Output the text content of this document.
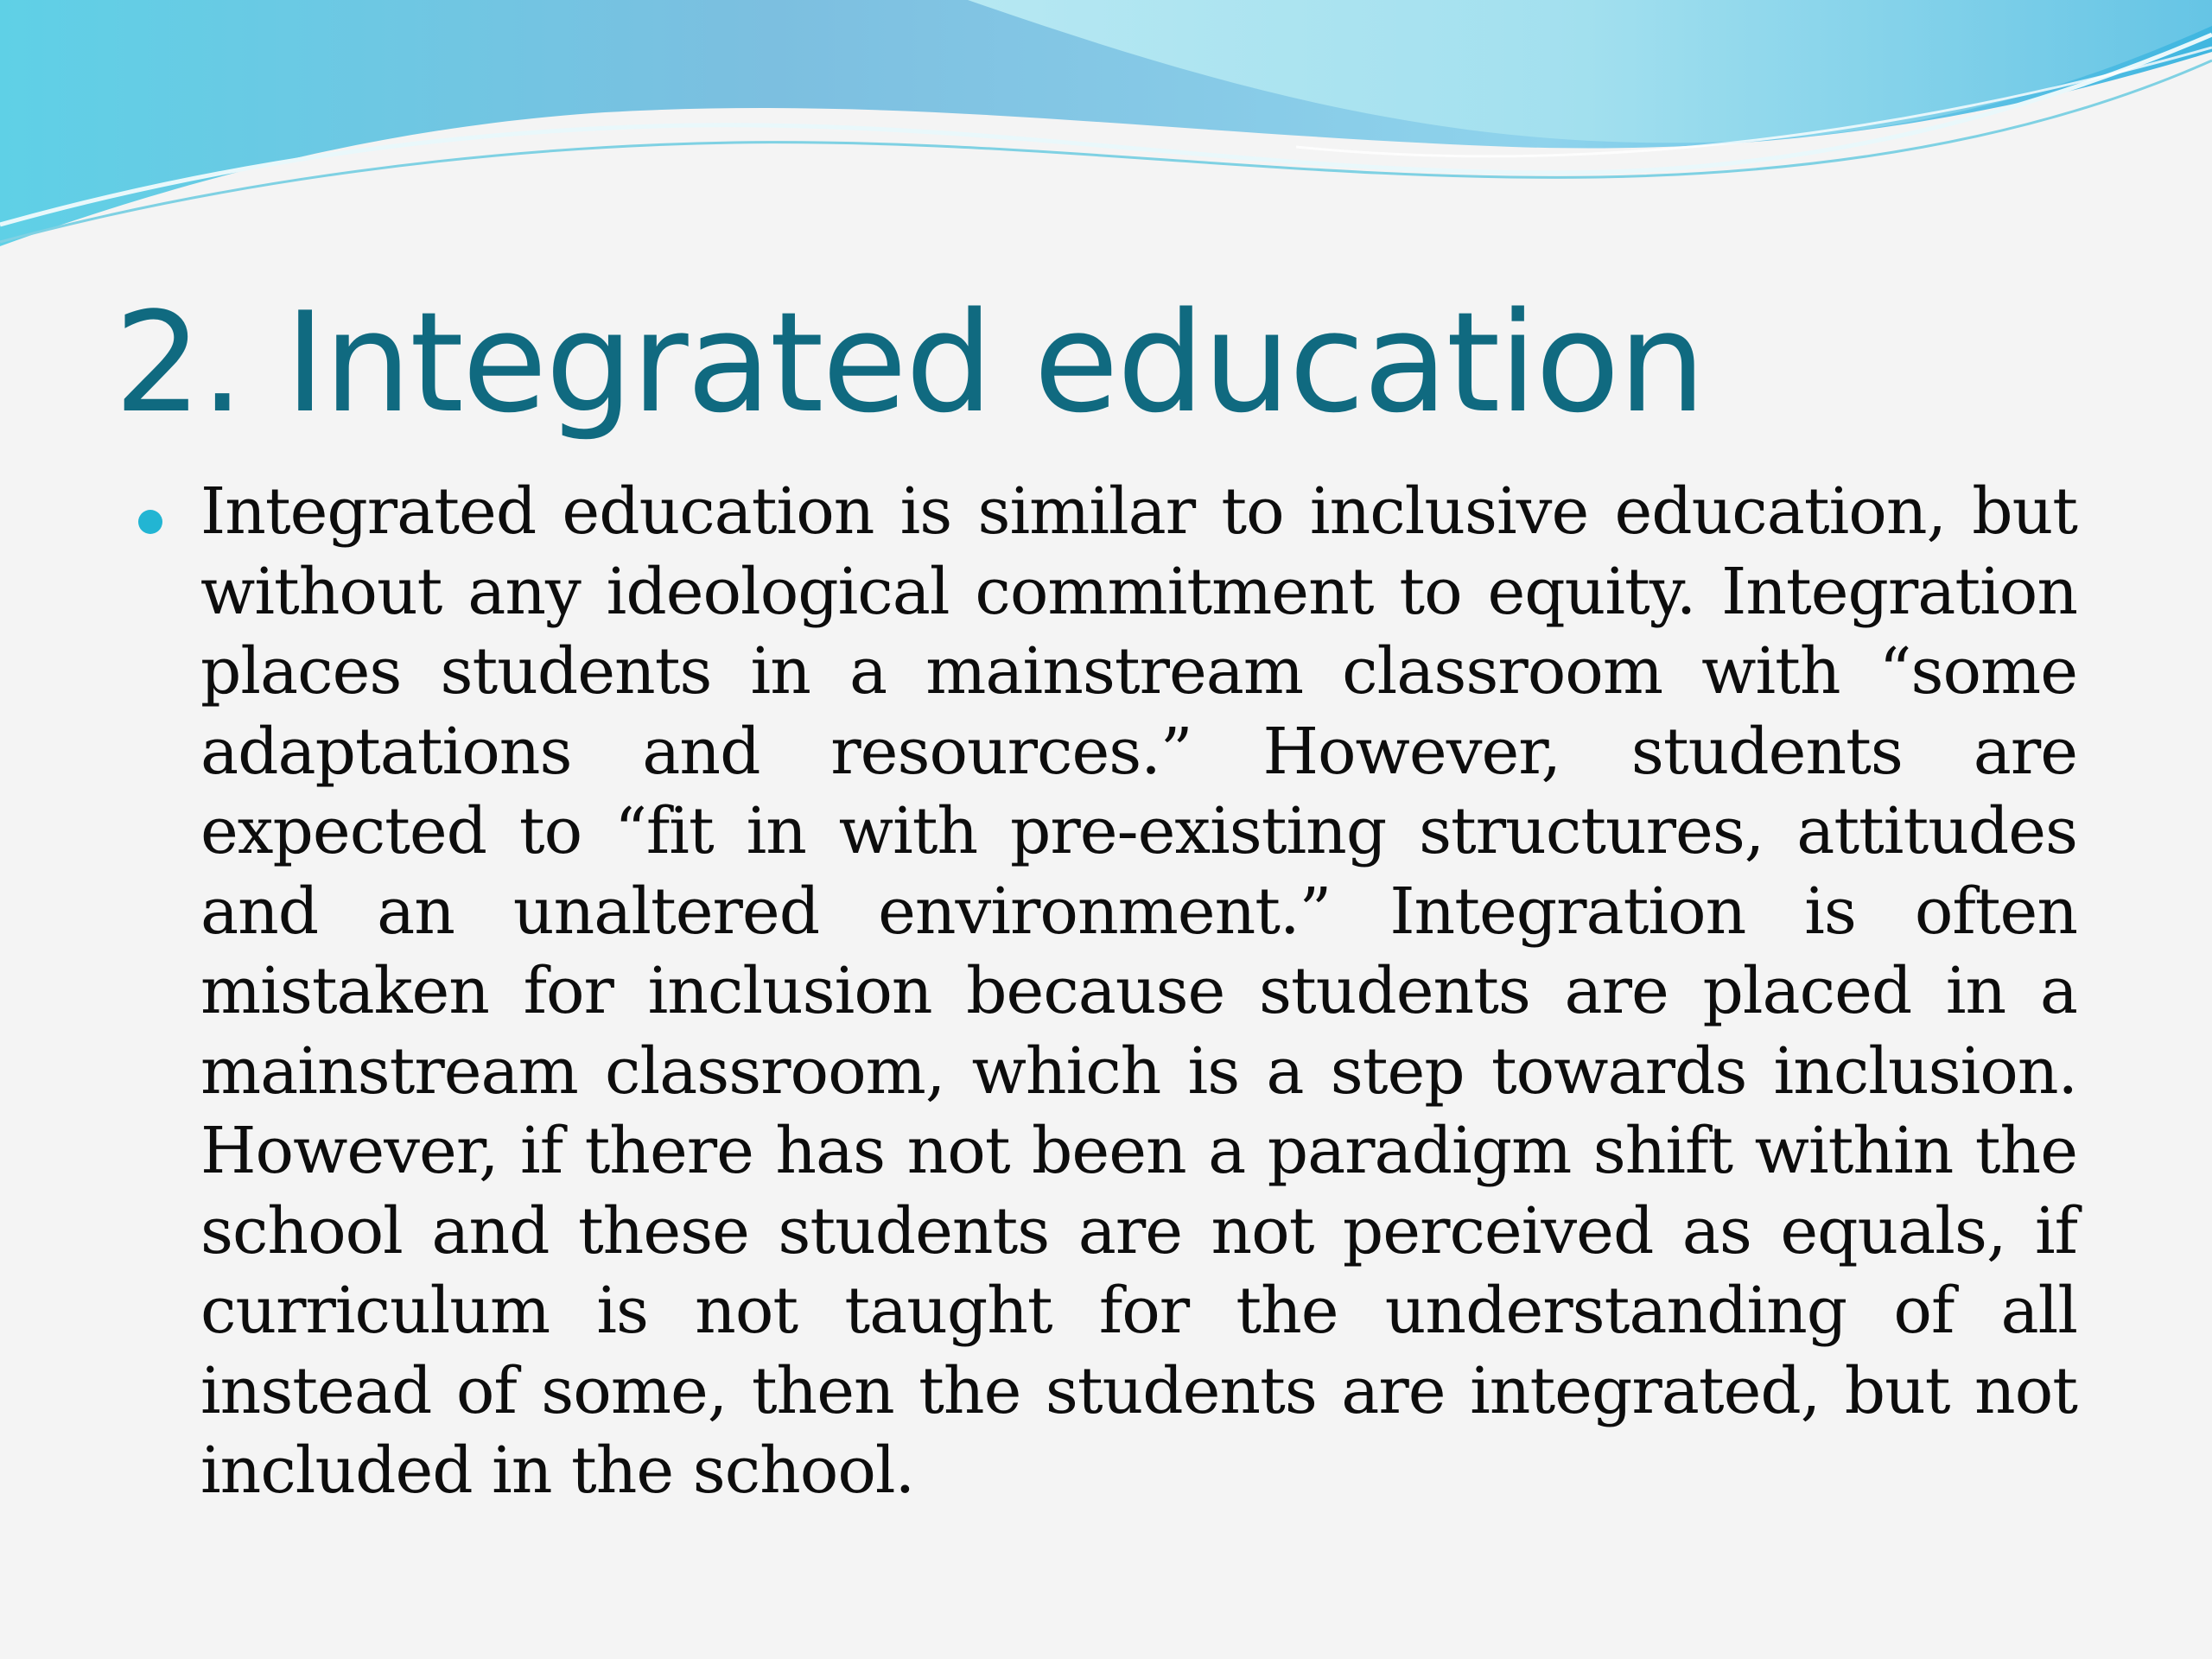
2. Integrated education

Integrated education is similar to inclusive education, but without any ideological commitment to equity. Integration places students in a mainstream classroom with “some adaptations and resources.” However, students are expected to “fit in with pre-existing structures, attitudes and an unaltered environment.” Integration is often mistaken for inclusion because students are placed in a mainstream classroom, which is a step towards inclusion. However, if there has not been a paradigm shift within the school and these students are not perceived as equals, if curriculum is not taught for the understanding of all instead of some, then the students are integrated, but not included in the school.
